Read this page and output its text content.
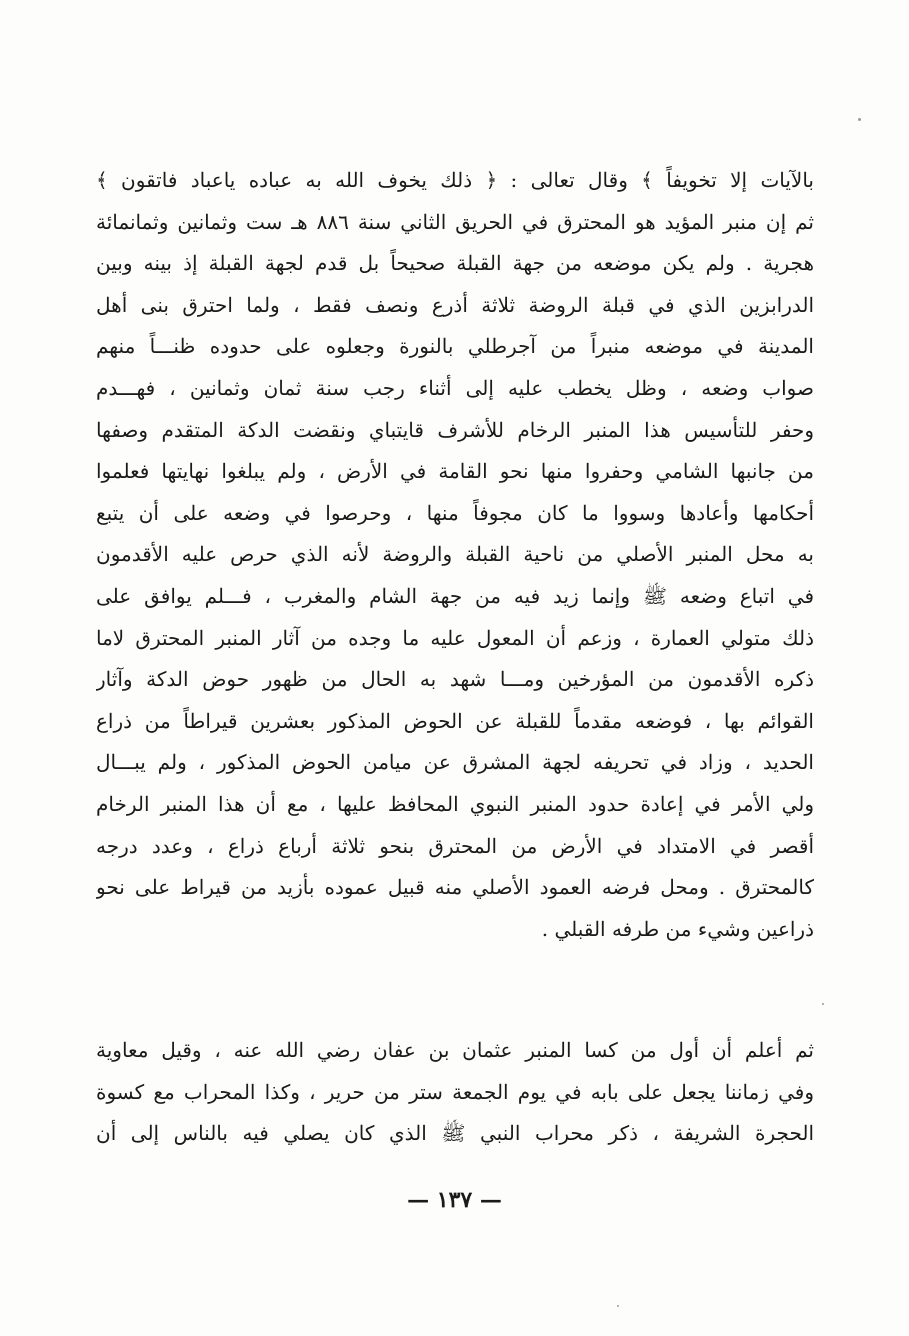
بالآيات إلا تخويفاً ﴾ وقال تعالى : ﴿ ذلك يخوف الله به عباده ياعباد فاتقون ﴾
ثم إن منبر المؤيد هو المحترق في الحريق الثاني سنة ٨٨٦ هـ ست وثمانين وثمانمائة
هجرية . ولم يكن موضعه من جهة القبلة صحيحاً بل قدم لجهة القبلة إذ بينه وبين
الدرابزين الذي في قبلة الروضة ثلاثة أذرع ونصف فقط ، ولما احترق بنى أهل
المدينة في موضعه منبراً من آجرطلي بالنورة وجعلوه على حدوده ظنـــاً منهم
صواب وضعه ، وظل يخطب عليه إلى أثناء رجب سنة ثمان وثمانين ، فهـــدم
وحفر للتأسيس هذا المنبر الرخام للأشرف قايتباي ونقضت الدكة المتقدم وصفها
من جانبها الشامي وحفروا منها نحو القامة في الأرض ، ولم يبلغوا نهايتها فعلموا
أحكامها وأعادها وسووا ما كان مجوفاً منها ، وحرصوا في وضعه على أن يتبع
به محل المنبر الأصلي من ناحية القبلة والروضة لأنه الذي حرص عليه الأقدمون
في اتباع وضعه ﷺ وإنما زيد فيه من جهة الشام والمغرب ، فـــلم يوافق على
ذلك متولي العمارة ، وزعم أن المعول عليه ما وجده من آثار المنبر المحترق لاما
ذكره الأقدمون من المؤرخين ومـــا شهد به الحال من ظهور حوض الدكة وآثار
القوائم بها ، فوضعه مقدماً للقبلة عن الحوض المذكور بعشرين قيراطاً من ذراع
الحديد ، وزاد في تحريفه لجهة المشرق عن ميامن الحوض المذكور ، ولم يبـــال
ولي الأمر في إعادة حدود المنبر النبوي المحافظ عليها ، مع أن هذا المنبر الرخام
أقصر في الامتداد في الأرض من المحترق بنحو ثلاثة أرباع ذراع ، وعدد درجه
كالمحترق . ومحل فرضه العمود الأصلي منه قبيل عموده بأزيد من قيراط على نحو
ذراعين وشيء من طرفه القبلي .
ثم أعلم أن أول من كسا المنبر عثمان بن عفان رضي الله عنه ، وقيل معاوية
وفي زماننا يجعل على بابه في يوم الجمعة ستر من حرير ، وكذا المحراب مع كسوة
الحجرة الشريفة ، ذكر محراب النبي ﷺ الذي كان يصلي فيه بالناس إلى أن
— ١٣٧ —
